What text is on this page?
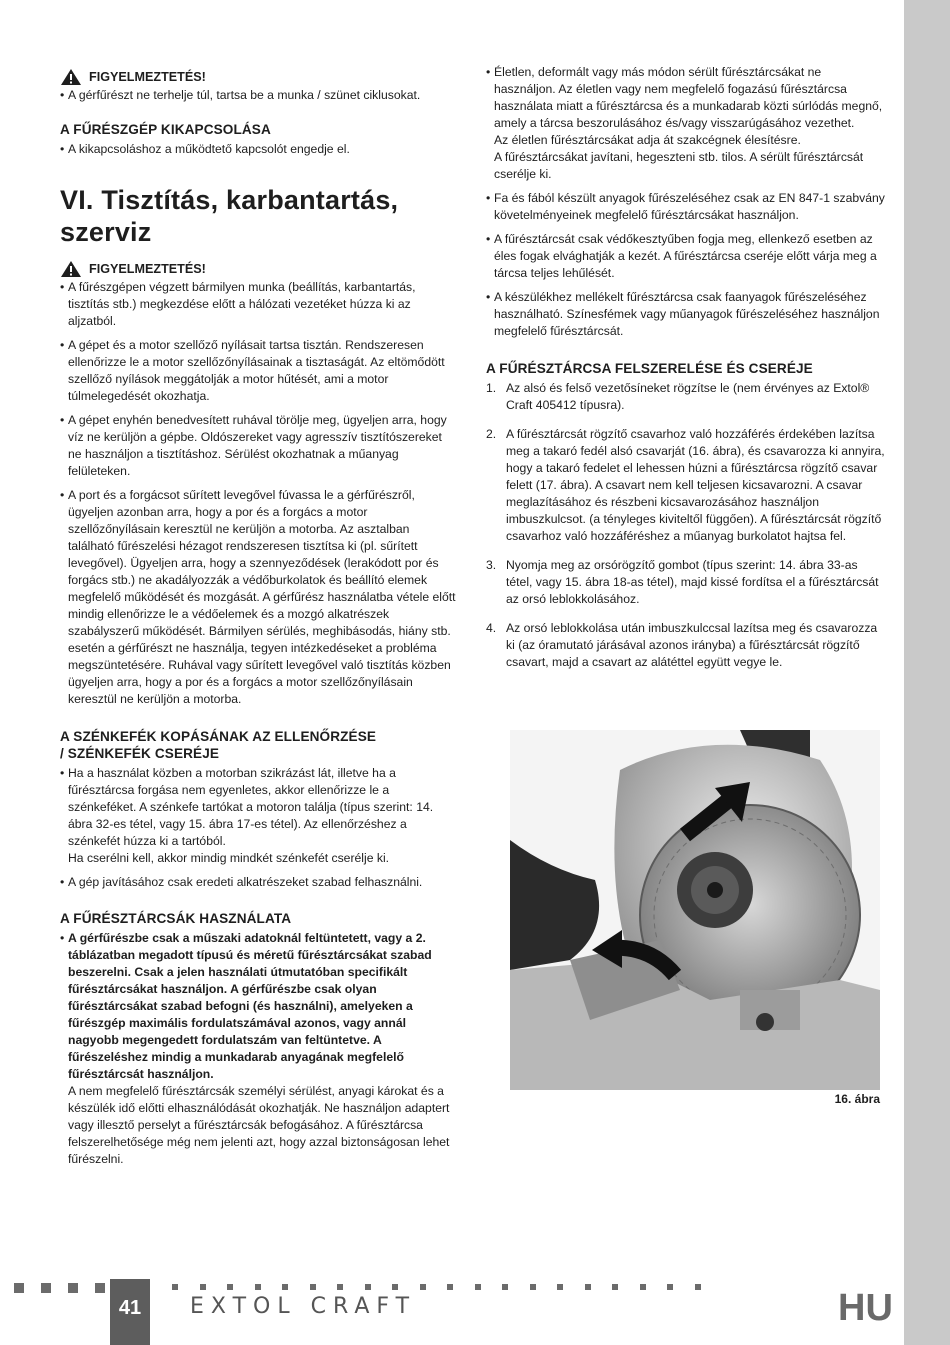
FIGYELMEZTETÉS!

• A gérfűrészt ne terhelje túl, tartsa be a munka / szünet ciklusokat.

A FŰRÉSZGÉP KIKAPCSOLÁSA

• A kikapcsoláshoz a működtető kapcsolót engedje el.

VI. Tisztítás, karbantartás, szerviz
FIGYELMEZTETÉS!

• A fűrészgépen végzett bármilyen munka (beállítás, karbantartás, tisztítás stb.) megkezdése előtt a hálózati vezetéket húzza ki az aljzatból.

• A gépet és a motor szellőző nyílásait tartsa tisztán. Rendszeresen ellenőrizze le a motor szellőzőnyílásainak a tisztaságát. Az eltömődött szellőző nyílások meggátolják a motor hűtését, ami a motor túlmelegedését okozhatja.

• A gépet enyhén benedvesített ruhával törölje meg, ügyeljen arra, hogy víz ne kerüljön a gépbe. Oldószereket vagy agresszív tisztítószereket ne használjon a tisztításhoz. Sérülést okozhatnak a műanyag felületeken.

• A port és a forgácsot sűrített levegővel fúvassa le a gérfűrészről, ügyeljen azonban arra, hogy a por és a forgács a motor szellőzőnyílásain keresztül ne kerüljön a motorba. Az asztalban található fűrészelési hézagot rendszeresen tisztítsa ki (pl. sűrített levegővel). Ügyeljen arra, hogy a szennyeződések (lerakódott por és forgács stb.) ne akadályozzák a védőburkolatok és beállító elemek megfelelő működését és mozgását. A gérfűrész használatba vétele előtt mindig ellenőrizze le a védőelemek és a mozgó alkatrészek szabályszerű működését. Bármilyen sérülés, meghibásodás, hiány stb. esetén a gérfűrészt ne használja, tegyen intézkedéseket a probléma megszüntetésére. Ruhával vagy sűrített levegővel való tisztítás közben ügyeljen arra, hogy a por és a forgács a motor szellőzőnyílásain keresztül ne kerüljön a motorba.

A SZÉNKEFÉK KOPÁSÁNAK AZ ELLENŐRZÉSE
/ SZÉNKEFÉK CSERÉJE

• Ha a használat közben a motorban szikrázást lát, illetve ha a fűrésztárcsa forgása nem egyenletes, akkor ellenőrizze le a szénkeféket. A szénkefe tartókat a motoron találja (típus szerint: 14. ábra 32-es tétel, vagy 15. ábra 17-es tétel). Az ellenőrzéshez a szénkefét húzza ki a tartóból.

Ha cserélni kell, akkor mindig mindkét szénkefét cserélje ki.

• A gép javításához csak eredeti alkatrészeket szabad felhasználni.

A FŰRÉSZTÁRCSÁK HASZNÁLATA

• A gérfűrészbe csak a műszaki adatoknál feltüntetett, vagy a 2. táblázatban megadott típusú és méretű fűrésztárcsákat szabad beszerelni. Csak a jelen használati útmutatóban specifikált fűrésztárcsákat használjon. A gérfűrészbe csak olyan fűrésztárcsákat szabad befogni (és használni), amelyeken a fűrészgép maximális fordulatszámával azonos, vagy annál nagyobb megengedett fordulatszám van feltüntetve. A fűrészeléshez mindig a munkadarab anyagának megfelelő fűrésztárcsát használjon.

A nem megfelelő fűrésztárcsák személyi sérülést, anyagi károkat és a készülék idő előtti elhasználódását okozhatják. Ne használjon adaptert vagy illesztő perselyt a fűrésztárcsák befogásához. A fűrésztárcsa felszerelhetősége még nem jelenti azt, hogy azzal biztonságosan lehet fűrészelni.

• Életlen, deformált vagy más módon sérült fűrésztárcsákat ne használjon. Az életlen vagy nem megfelelő fogazású fűrésztárcsa használata miatt a fűrésztárcsa és a munkadarab közti súrlódás megnő, amely a tárcsa beszorulásához és/vagy visszarúgásához vezethet.

Az életlen fűrésztárcsákat adja át szakcégnek élesítésre.

A fűrésztárcsákat javítani, hegeszteni stb. tilos. A sérült fűrésztárcsát cserélje ki.

• Fa és fából készült anyagok fűrészeléséhez csak az EN 847-1 szabvány követelményeinek megfelelő fűrésztárcsákat használjon.

• A fűrésztárcsát csak védőkesztyűben fogja meg, ellenkező esetben az éles fogak elvághatják a kezét. A fűrésztárcsa cseréje előtt várja meg a tárcsa teljes lehűlését.

• A készülékhez mellékelt fűrésztárcsa csak faanyagok fűrészeléséhez használható. Színesfémek vagy műanyagok fűrészeléséhez használjon megfelelő fűrésztárcsát.

A FŰRÉSZTÁRCSA FELSZERELÉSE ÉS CSERÉJE
1. Az alsó és felső vezetősíneket rögzítse le (nem érvényes az Extol® Craft 405412 típusra).
2. A fűrésztárcsát rögzítő csavarhoz való hozzáférés érdekében lazítsa meg a takaró fedél alsó csavarját (16. ábra), és csavarozza ki annyira, hogy a takaró fedelet el lehessen húzni a fűrésztárcsa rögzítő csavar felett (17. ábra). A csavart nem kell teljesen kicsavarozni. A csavar meglazításához és részbeni kicsavarozásához használjon imbuszkulcsot. (a tényleges kiviteltől függően). A fűrésztárcsát rögzítő csavarhoz való hozzáféréshez a műanyag burkolatot hajtsa fel.
3. Nyomja meg az orsórögzítő gombot (típus szerint: 14. ábra 33-as tétel, vagy 15. ábra 18-as tétel), majd kissé fordítsa el a fűrésztárcsát az orsó leblokkolásához.
4. Az orsó leblokkolása után imbuszkulccsal lazítsa meg és csavarozza ki (az óramutató járásával azonos irányba) a fűrésztárcsát rögzítő csavart, majd a csavart az alátéttel együtt vegye le.
16. ábra
41	EXTOL CRAFT	HU
